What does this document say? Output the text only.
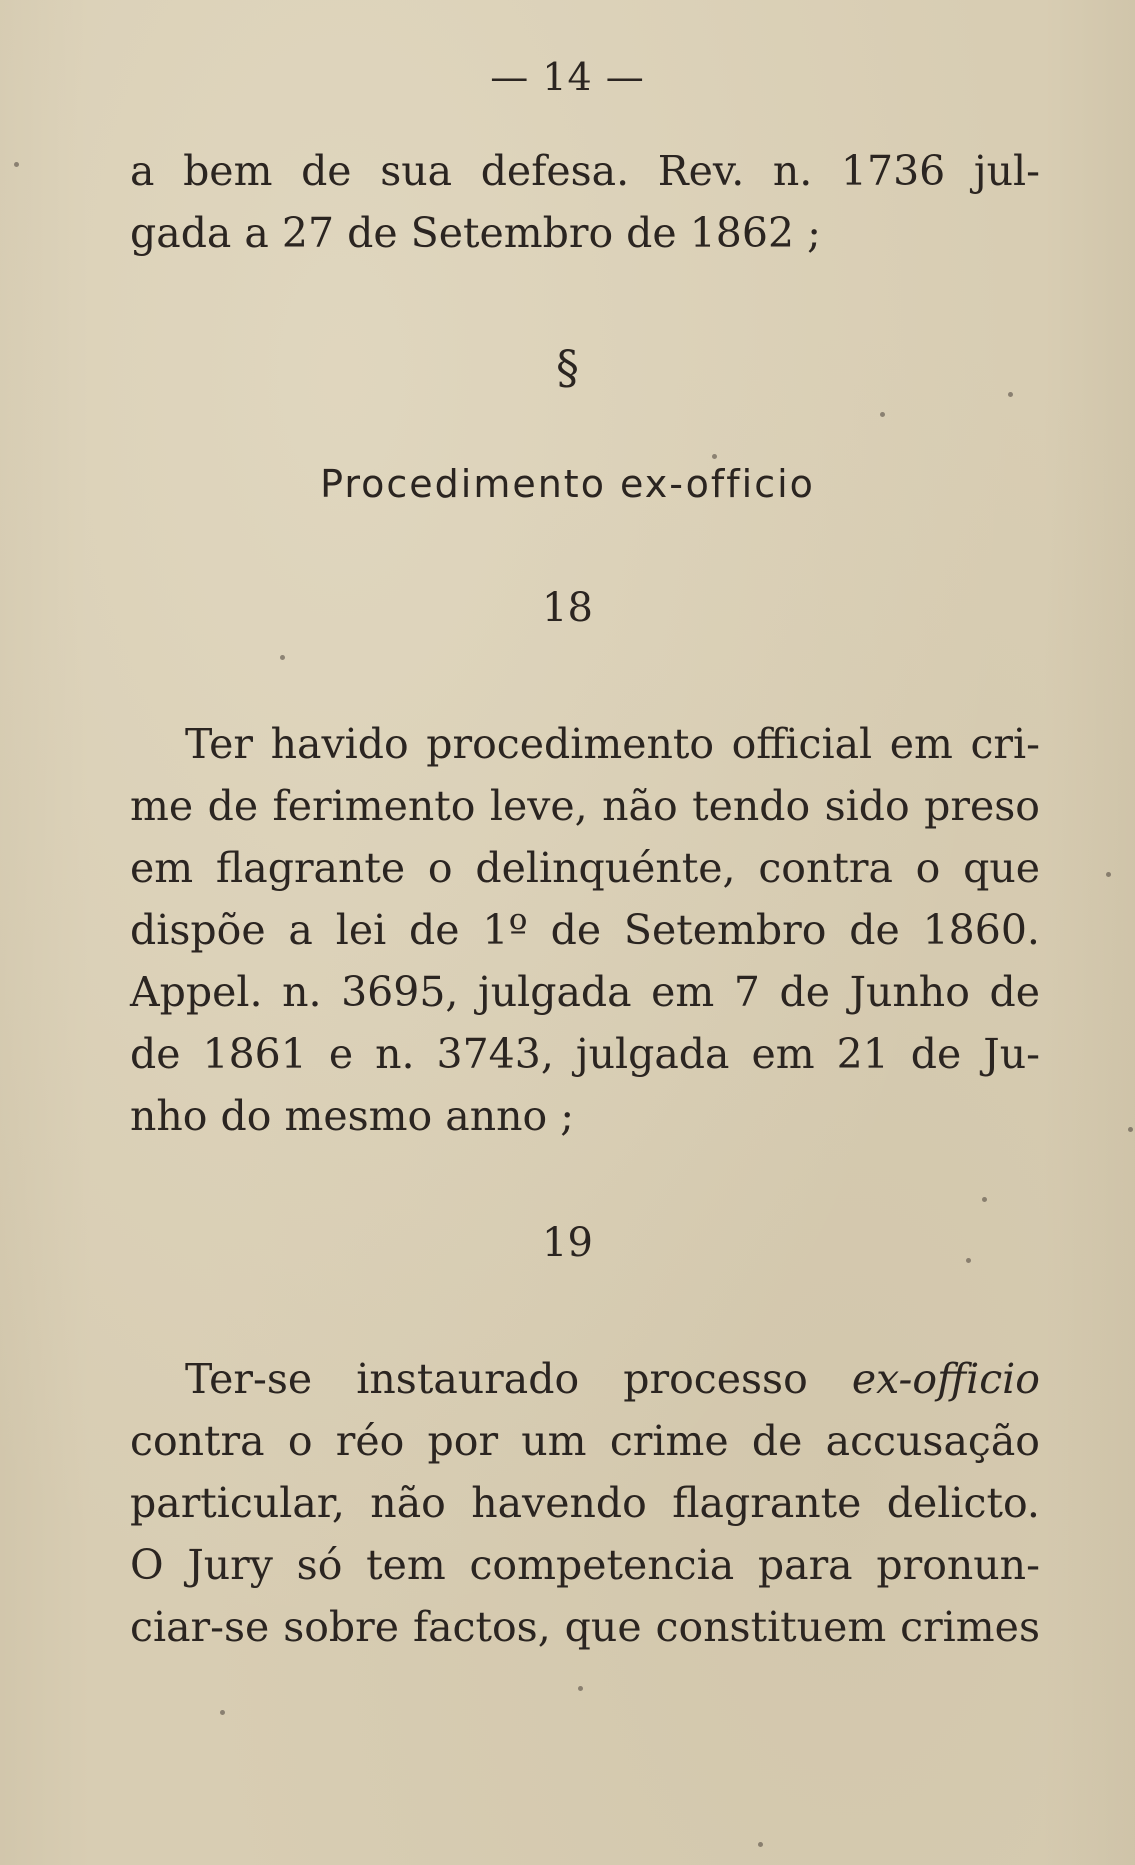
— 14 —
a bem de sua defesa. Rev. n. 1736 jul-
gada a 27 de Setembro de 1862 ;
§
Procedimento ex-officio
18
Ter havido procedimento official em cri-
me de ferimento leve, não tendo sido preso
em flagrante o delinquénte, contra o que
dispõe a lei de 1º de Setembro de 1860.
Appel. n. 3695, julgada em 7 de Junho de
de 1861 e n. 3743, julgada em 21 de Ju-
nho do mesmo anno ;
19
Ter-se instaurado processo ex-officio
contra o réo por um crime de accusação
particular, não havendo flagrante delicto.
O Jury só tem competencia para pronun-
ciar-se sobre factos, que constituem crimes
